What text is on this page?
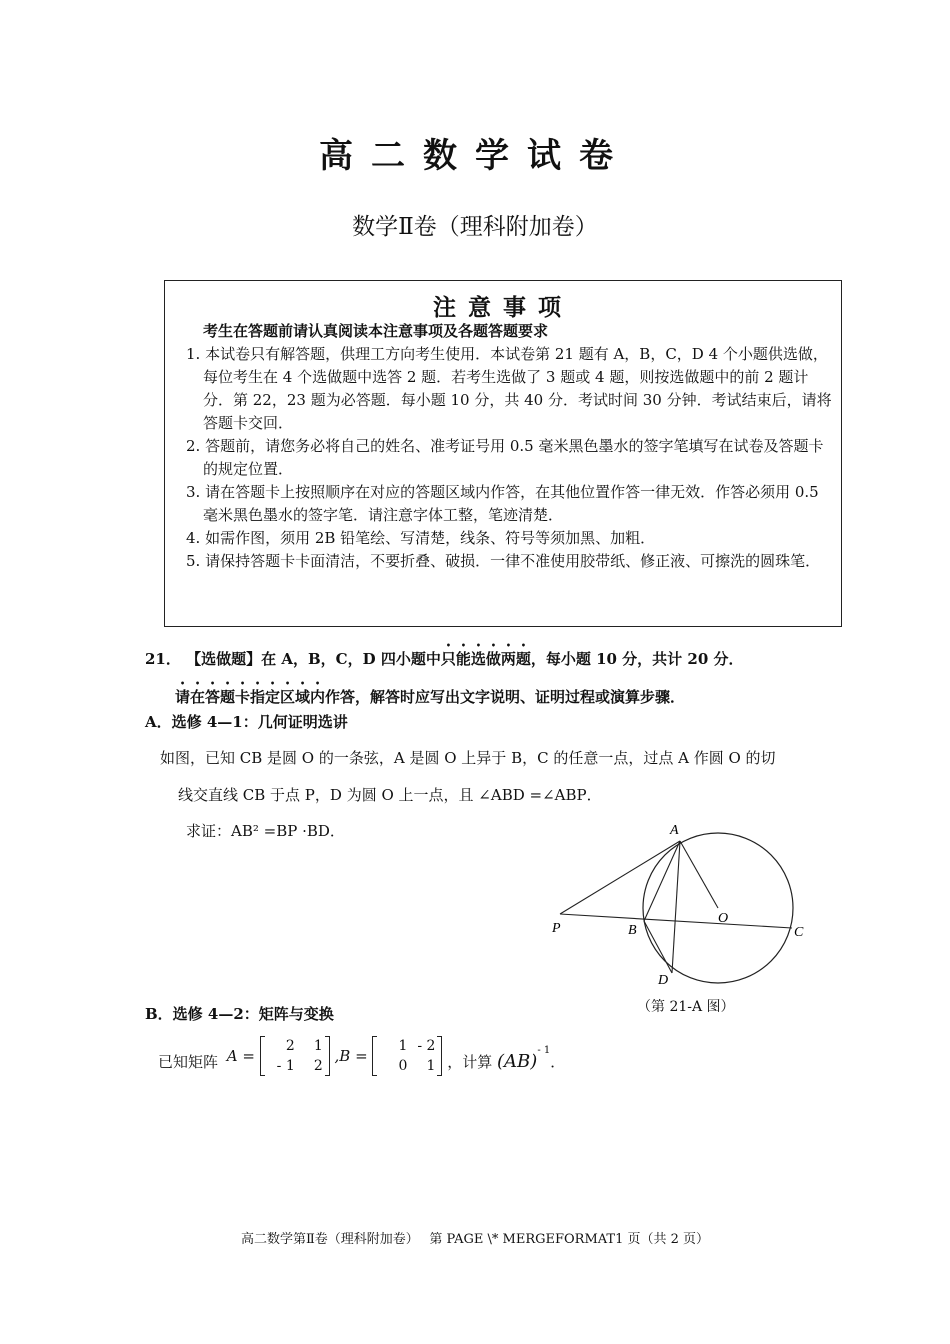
高二数学试卷
数学Ⅱ卷（理科附加卷）
注意事项
考生在答题前请认真阅读本注意事项及各题答题要求

1. 本试卷只有解答题，供理工方向考生使用．本试卷第 21 题有 A，B，C，D 4 个小题供选做，每位考生在 4 个选做题中选答 2 题．若考生选做了 3 题或 4 题，则按选做题中的前 2 题计分．第 22，23 题为必答题．每小题 10 分，共 40 分．考试时间 30 分钟．考试结束后，请将答题卡交回．

2. 答题前，请您务必将自己的姓名、准考证号用 0.5 毫米黑色墨水的签字笔填写在试卷及答题卡的规定位置．

3. 请在答题卡上按照顺序在对应的答题区域内作答，在其他位置作答一律无效．作答必须用 0.5 毫米黑色墨水的签字笔．请注意字体工整，笔迹清楚．

4. 如需作图，须用 2B 铅笔绘、写清楚，线条、符号等须加黑、加粗．

5. 请保持答题卡卡面清洁，不要折叠、破损．一律不准使用胶带纸、修正液、可擦洗的圆珠笔．

21． 【选做题】在 A，B，C，D 四小题中只能选做两题，每小题 10 分，共计 20 分．
请在答题卡指定区域内作答，解答时应写出文字说明、证明过程或演算步骤．
A．选修 4—1：几何证明选讲
如图，已知 CB 是圆 O 的一条弦，A 是圆 O 上异于 B，C 的任意一点，过点 A 作圆 O 的切
线交直线 CB 于点 P，D 为圆 O 上一点，且 ∠ABD =∠ABP．
求证：AB² =BP ·BD．	A
O
P	B	C
D
（第 21-A 图）
B．选修 4—2：矩阵与变换
已知矩阵 A =
2 1
- 1 2
,B =
1 - 2
0 1 ，计算 (AB)$^{- 1}$．
高二数学第Ⅱ卷（理科附加卷）　 第 PAGE \* MERGEFORMAT1 页（共 2 页）
